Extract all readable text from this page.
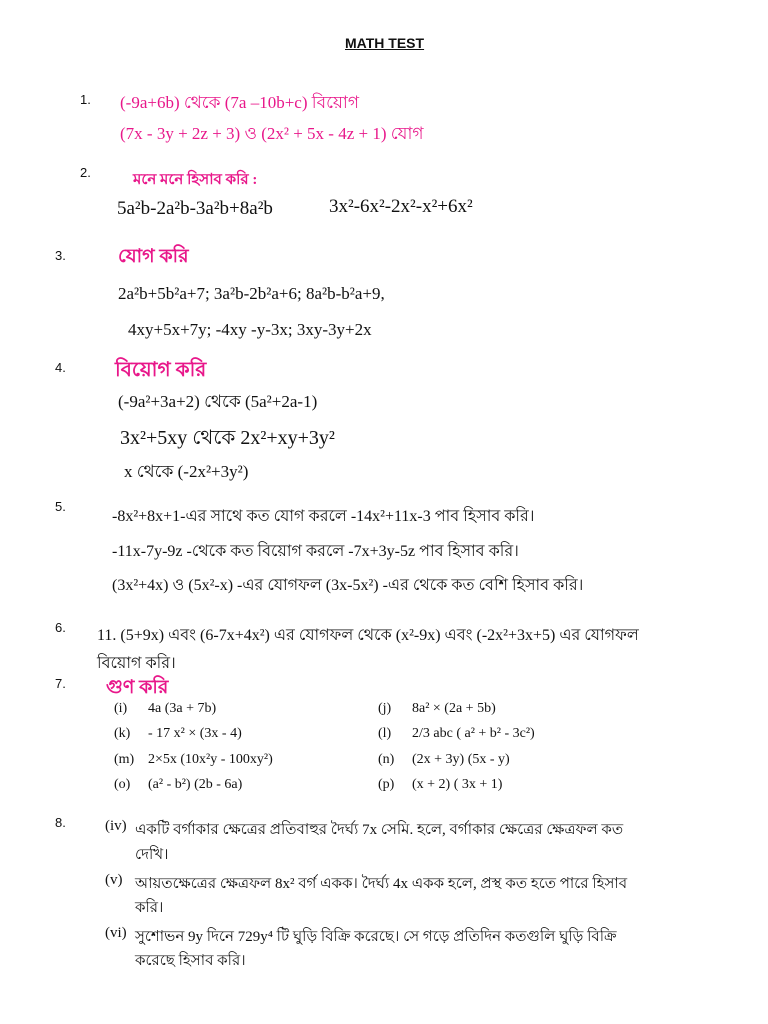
MATH TEST
1. (-9a+6b) থেকে (7a –10b+c) বিয়োগ
(7x - 3y + 2z + 3) ও (2x² + 5x - 4z + 1) যোগ
2.	মনে মনে হিসাব করি :
5a²b-2a²b-3a²b+8a²b	3x²-6x²-2x²-x²+6x²
3.	যোগ করি
2a²b+5b²a+7; 3a²b-2b²a+6; 8a²b-b²a+9,
4xy+5x+7y; -4xy -y-3x; 3xy-3y+2x
4. বিয়োগ করি
(-9a²+3a+2) থেকে (5a²+2a-1)
3x²+5xy থেকে 2x²+xy+3y²
x থেকে (-2x²+3y²)
5.
-8x²+8x+1-এর সাথে কত যোগ করলে -14x²+11x-3 পাব হিসাব করি।
-11x-7y-9z -থেকে কত বিয়োগ করলে -7x+3y-5z পাব হিসাব করি।
(3x²+4x) ও (5x²-x) -এর যোগফল (3x-5x²) -এর থেকে কত বেশি হিসাব করি।
6. 11. (5+9x) এবং (6-7x+4x²) এর যোগফল থেকে (x²-9x) এবং (-2x²+3x+5) এর যোগফল
বিয়োগ করি।
7. গুণ করি
(i) 4a (3a + 7b)	(j) 8a² × (2a + 5b)
(k) - 17 x² × (3x - 4)	(l) 2/3 abc ( a² + b² - 3c²)
(m) 2×5x (10x²y - 100xy²)	(n) (2x + 3y) (5x - y)
(o) (a² - b²) (2b - 6a)	(p) (x + 2) ( 3x + 1)
8.	(iv) একটি বর্গাকার ক্ষেত্রের প্রতিবাহুর দৈর্ঘ্য 7x সেমি. হলে, বর্গাকার ক্ষেত্রের ক্ষেত্রফল কত
দেখি।
(v) আয়তক্ষেত্রের ক্ষেত্রফল 8x² বর্গ একক। দৈর্ঘ্য 4x একক হলে, প্রস্থ কত হতে পারে হিসাব
করি।
(vi) সুশোভন 9y দিনে 729y⁴ টি ঘুড়ি বিক্রি করেছে। সে গড়ে প্রতিদিন কতগুলি ঘুড়ি বিক্রি
করেছে হিসাব করি।
